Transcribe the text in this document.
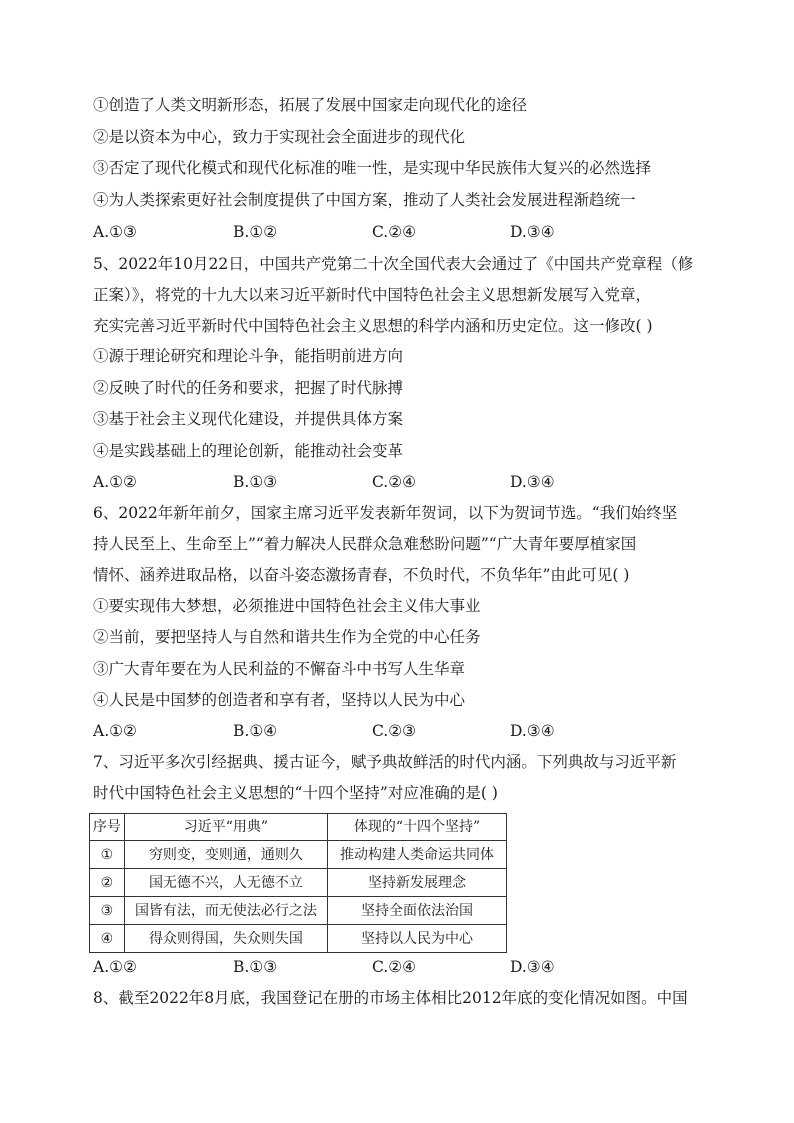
①创造了人类文明新形态，拓展了发展中国家走向现代化的途径
②是以资本为中心，致力于实现社会全面进步的现代化
③否定了现代化模式和现代化标准的唯一性，是实现中华民族伟大复兴的必然选择
④为人类探索更好社会制度提供了中国方案，推动了人类社会发展进程渐趋统一
A.①③	B.①②	C.②④	D.③④
5、2022年10月22日，中国共产党第二十次全国代表大会通过了《中国共产党章程（修
正案）》，将党的十九大以来习近平新时代中国特色社会主义思想新发展写入党章，
充实完善习近平新时代中国特色社会主义思想的科学内涵和历史定位。这一修改( )
①源于理论研究和理论斗争，能指明前进方向
②反映了时代的任务和要求，把握了时代脉搏
③基于社会主义现代化建设，并提供具体方案
④是实践基础上的理论创新，能推动社会变革
A.①②	B.①③	C.②④	D.③④
6、2022年新年前夕，国家主席习近平发表新年贺词，以下为贺词节选。“我们始终坚
持人民至上、生命至上”“着力解决人民群众急难愁盼问题”“广大青年要厚植家国
情怀、涵养进取品格，以奋斗姿态激扬青春，不负时代，不负华年”由此可见( )
①要实现伟大梦想，必须推进中国特色社会主义伟大事业
②当前，要把坚持人与自然和谐共生作为全党的中心任务
③广大青年要在为人民利益的不懈奋斗中书写人生华章
④人民是中国梦的创造者和享有者，坚持以人民为中心
A.①②	B.①④	C.②③	D.③④
7、习近平多次引经据典、援古证今，赋予典故鲜活的时代内涵。下列典故与习近平新
时代中国特色社会主义思想的“十四个坚持”对应准确的是( )
序号	习近平“用典”	体现的“十四个坚持”
①	穷则变，变则通，通则久	推动构建人类命运共同体
②	国无德不兴，人无德不立	坚持新发展理念
③	国皆有法，而无使法必行之法	坚持全面依法治国
④	得众则得国，失众则失国	坚持以人民为中心
A.①②	B.①③	C.②④	D.③④
8、截至2022年8月底，我国登记在册的市场主体相比2012年底的变化情况如图。中国
